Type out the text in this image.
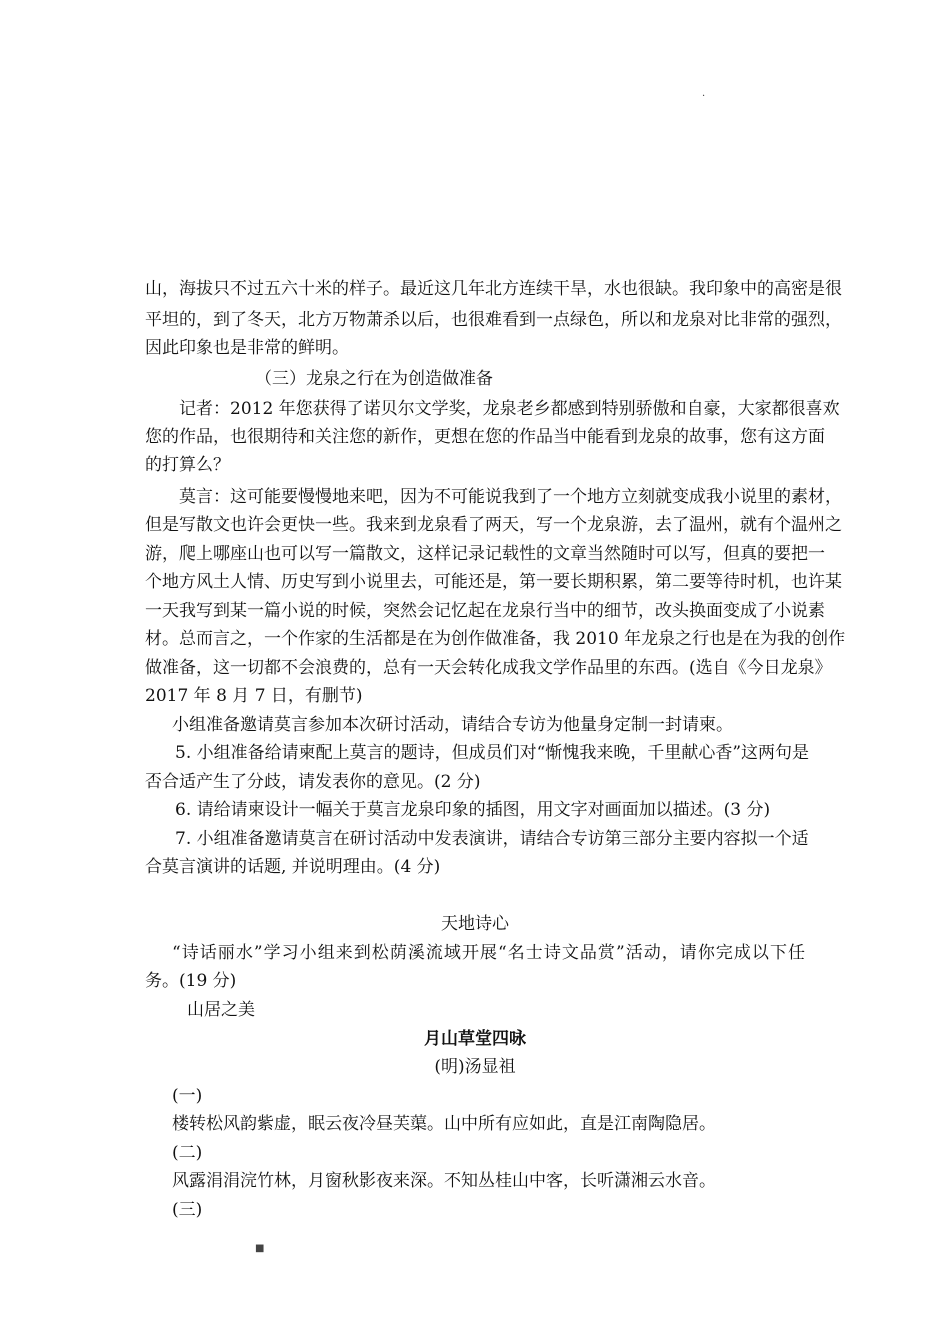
·
山，海拔只不过五六十米的样子。最近这几年北方连续干旱，水也很缺。我印象中的高密是很
平坦的，到了冬天，北方万物萧杀以后，也很难看到一点绿色，所以和龙泉对比非常的强烈，
因此印象也是非常的鲜明。
（三）龙泉之行在为创造做准备
记者：2012 年您获得了诺贝尔文学奖，龙泉老乡都感到特别骄傲和自豪，大家都很喜欢
您的作品，也很期待和关注您的新作，更想在您的作品当中能看到龙泉的故事，您有这方面
的打算么？
莫言：这可能要慢慢地来吧，因为不可能说我到了一个地方立刻就变成我小说里的素材，
但是写散文也许会更快一些。我来到龙泉看了两天，写一个龙泉游，去了温州，就有个温州之
游，爬上哪座山也可以写一篇散文，这样记录记载性的文章当然随时可以写，但真的要把一
个地方风土人情、历史写到小说里去，可能还是，第一要长期积累，第二要等待时机，也许某
一天我写到某一篇小说的时候，突然会记忆起在龙泉行当中的细节，改头换面变成了小说素
材。总而言之，一个作家的生活都是在为创作做准备，我 2010 年龙泉之行也是在为我的创作
做准备，这一切都不会浪费的，总有一天会转化成我文学作品里的东西。(选自《今日龙泉》
2017 年 8 月 7 日，有删节)
小组准备邀请莫言参加本次研讨活动，请结合专访为他量身定制一封请柬。
5. 小组准备给请柬配上莫言的题诗，但成员们对“惭愧我来晚，千里献心香”这两句是
否合适产生了分歧，请发表你的意见。(2 分)
6. 请给请柬设计一幅关于莫言龙泉印象的插图，用文字对画面加以描述。(3 分)
7. 小组准备邀请莫言在研讨活动中发表演讲，请结合专访第三部分主要内容拟一个适
合莫言演讲的话题, 并说明理由。(4 分)
天地诗心
“诗话丽水”学习小组来到松荫溪流域开展“名士诗文品赏”活动，请你完成以下任
务。(19 分)
山居之美
月山草堂四咏
(明)汤显祖
(一)
楼转松风韵紫虚，眠云夜冷昼芙蕖。山中所有应如此，直是江南陶隐居。
(二)
风露涓涓浣竹林，月窗秋影夜来深。不知丛桂山中客，长听潇湘云水音。
(三)
■
